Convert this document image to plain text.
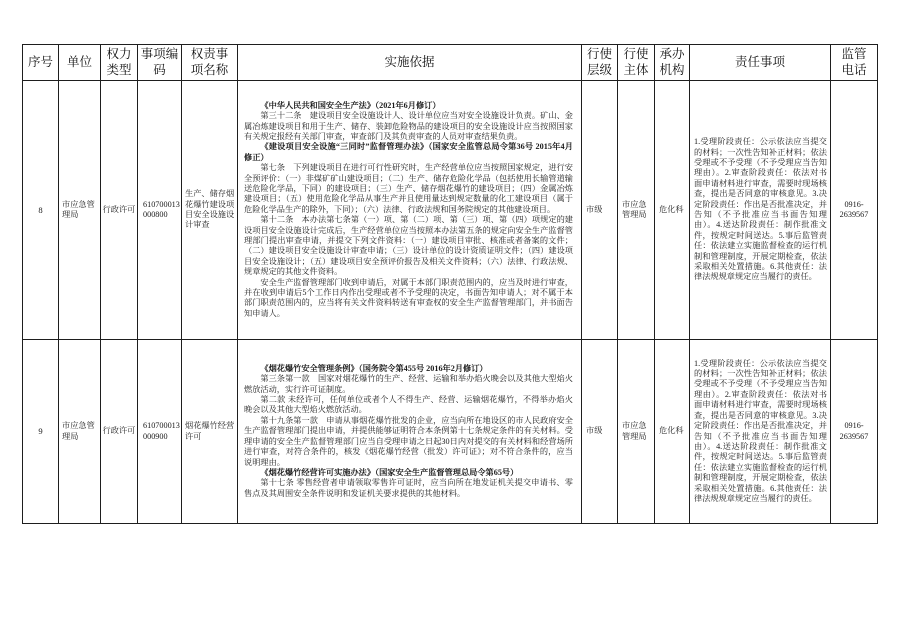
序号 单位
权力类型
事项编码
权责事项名称
实施依据
行使层级
行使主体
承办机构
责任事项
监管电话
8
市应急管理局
行政许可
610700013000800
生产、储存烟花爆竹建设项目安全设施设计审查

《中华人民共和国安全生产法》（2021年6月修订）

第三十二条　建设项目安全设施设计人、设计单位应当对安全设施设计负责。矿山、金属冶炼建设项目和用于生产、储存、装卸危险物品的建设项目的安全设施设计应当按照国家有关规定报经有关部门审查，审查部门及其负责审查的人员对审查结果负责。

《建设项目安全设施“三同时”监督管理办法》（国家安全监管总局令第36号 2015年4月修正）

第七条　下列建设项目在进行可行性研究时，生产经营单位应当按照国家规定，进行安全预评价：（一）非煤矿矿山建设项目；（二）生产、储存危险化学品（包括使用长输管道输送危险化学品，下同）的建设项目；（三）生产、储存烟花爆竹的建设项目；（四）金属冶炼建设项目；（五）使用危险化学品从事生产并且使用量达到规定数量的化工建设项目（属于危险化学品生产的除外，下同）；（六）法律、行政法规和国务院规定的其他建设项目。

第十二条　本办法第七条第（一）项、第（二）项、第（三）项、第（四）项规定的建设项目安全设施设计完成后，生产经营单位应当按照本办法第五条的规定向安全生产监督管理部门提出审查申请，并提交下列文件资料：（一）建设项目审批、核准或者备案的文件；（二）建设项目安全设施设计审查申请；（三）设计单位的设计资质证明文件；（四）建设项目安全设施设计；（五）建设项目安全预评价报告及相关文件资料；（六）法律、行政法规、规章规定的其他文件资料。

安全生产监督管理部门收到申请后，对属于本部门职责范围内的，应当及时进行审查，并在收到申请后5个工作日内作出受理或者不予受理的决定，书面告知申请人；对不属于本部门职责范围内的，应当将有关文件资料转送有审查权的安全生产监督管理部门，并书面告知申请人。

市级
市应急管理局
危化科
1.受理阶段责任：公示依法应当提交的材料；一次性告知补正材料；依法受理或不予受理（不予受理应当告知理由）。2.审查阶段责任：依法对书面申请材料进行审查，需要时现场核查，提出是否同意的审核意见。3.决定阶段责任：作出是否批准决定，并告知（不予批准应当书面告知理由）。4.送达阶段责任：制作批准文件，按规定时间送达。5.事后监管责任：依法建立实施监督检查的运行机制和管理制度，开展定期检查，依法采取相关处置措施。6.其他责任：法律法规规章规定应当履行的责任。
0916-2639567
9
市应急管理局
行政许可
610700013000900
烟花爆竹经营许可

《烟花爆竹安全管理条例》（国务院令第455号 2016年2月修订）

第三条第一款　国家对烟花爆竹的生产、经营、运输和举办焰火晚会以及其他大型焰火燃放活动，实行许可证制度。

第二款 未经许可，任何单位或者个人不得生产、经营、运输烟花爆竹，不得举办焰火晚会以及其他大型焰火燃放活动。

第十九条第一款　申请从事烟花爆竹批发的企业，应当向所在地设区的市人民政府安全生产监督管理部门提出申请，并提供能够证明符合本条例第十七条规定条件的有关材料。受理申请的安全生产监督管理部门应当自受理申请之日起30日内对提交的有关材料和经营场所进行审查，对符合条件的，核发《烟花爆竹经营（批发）许可证》；对不符合条件的，应当说明理由。

《烟花爆竹经营许可实施办法》（国家安全生产监督管理总局令第65号）

第十七条 零售经营者申请领取零售许可证时，应当向所在地发证机关提交申请书、零售点及其周围安全条件说明和发证机关要求提供的其他材料。

市级
市应急管理局
危化科
1.受理阶段责任：公示依法应当提交的材料；一次性告知补正材料；依法受理或不予受理（不予受理应当告知理由）。2.审查阶段责任：依法对书面申请材料进行审查，需要时现场核查，提出是否同意的审核意见。3.决定阶段责任：作出是否批准决定，并告知（不予批准应当书面告知理由）。4.送达阶段责任：制作批准文件，按规定时间送达。5.事后监管责任：依法建立实施监督检查的运行机制和管理制度，开展定期检查，依法采取相关处置措施。6.其他责任：法律法规规章规定应当履行的责任。
0916-2639567
